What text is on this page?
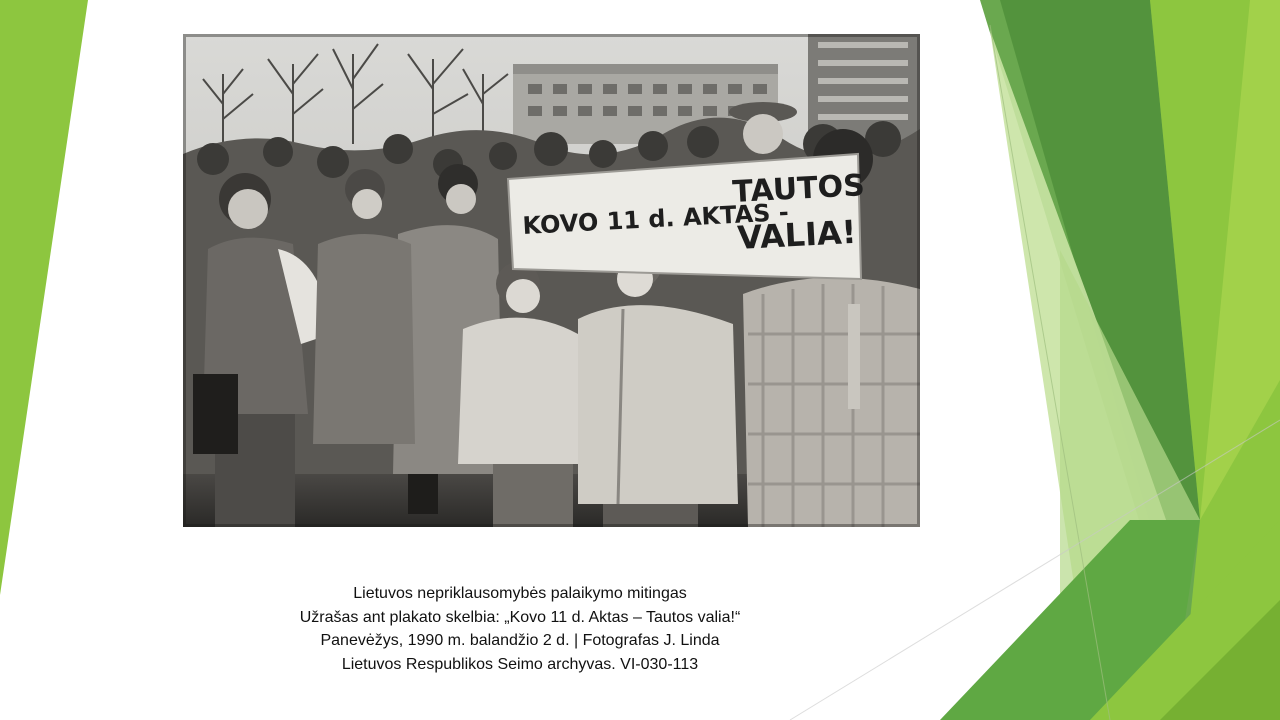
KOVO 11 d. AKTAS -
TAUTOS
VALIA!
Lietuvos nepriklausomybės palaikymo mitingas
Užrašas ant plakato skelbia: „Kovo 11 d. Aktas – Tautos valia!“
Panevėžys, 1990 m. balandžio 2 d. | Fotografas J. Linda
Lietuvos Respublikos Seimo archyvas. VI-030-113
